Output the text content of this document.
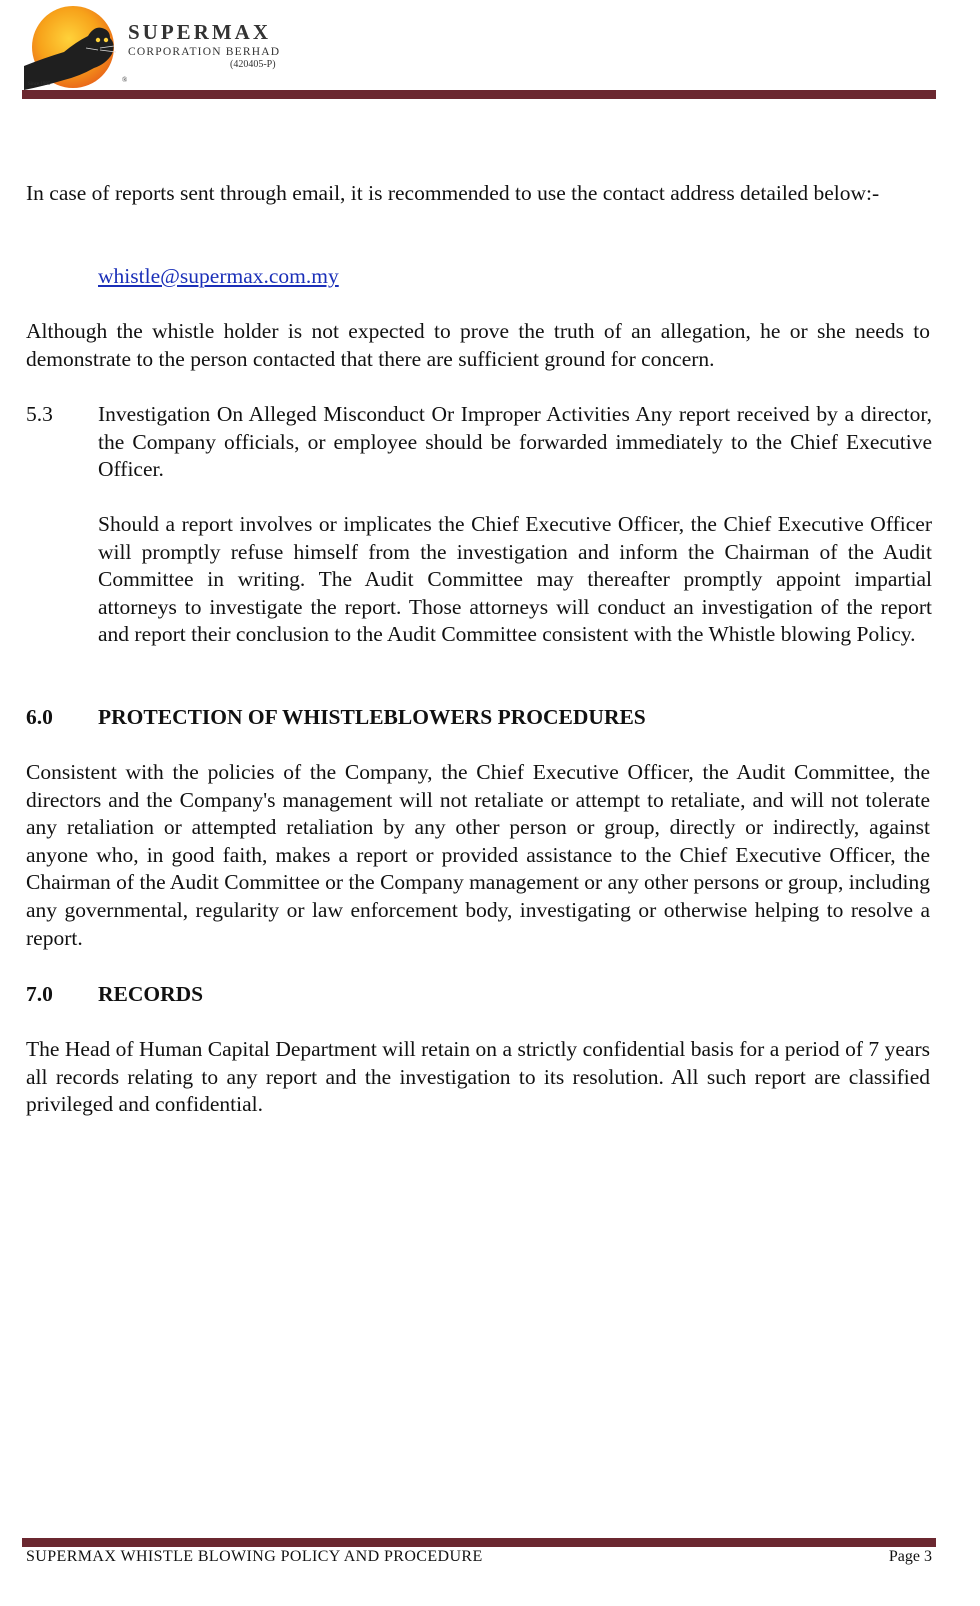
Since 1985
®
SUPERMAX
CORPORATION BERHAD
(420405-P)

In case of reports sent through email, it is recommended to use the contact address detailed below:-

whistle@supermax.com.my

Although the whistle holder is not expected to prove the truth of an allegation, he or she needs to demonstrate to the person contacted that there are sufficient ground for concern.

5.3 Investigation On Alleged Misconduct Or Improper Activities Any report received by a director, the Company officials, or employee should be forwarded immediately to the Chief Executive Officer.

Should a report involves or implicates the Chief Executive Officer, the Chief Executive Officer will promptly refuse himself from the investigation and inform the Chairman of the Audit Committee in writing. The Audit Committee may thereafter promptly appoint impartial attorneys to investigate the report. Those attorneys will conduct an investigation of the report and report their conclusion to the Audit Committee consistent with the Whistle blowing Policy.

6.0 PROTECTION OF WHISTLEBLOWERS PROCEDURES

Consistent with the policies of the Company, the Chief Executive Officer, the Audit Committee, the directors and the Company's management will not retaliate or attempt to retaliate, and will not tolerate any retaliation or attempted retaliation by any other person or group, directly or indirectly, against anyone who, in good faith, makes a report or provided assistance to the Chief Executive Officer, the Chairman of the Audit Committee or the Company management or any other persons or group, including any governmental, regularity or law enforcement body, investigating or otherwise helping to resolve a report.

7.0 RECORDS

The Head of Human Capital Department will retain on a strictly confidential basis for a period of 7 years all records relating to any report and the investigation to its resolution. All such report are classified privileged and confidential.

SUPERMAX WHISTLE BLOWING POLICY AND PROCEDURE	Page 3
